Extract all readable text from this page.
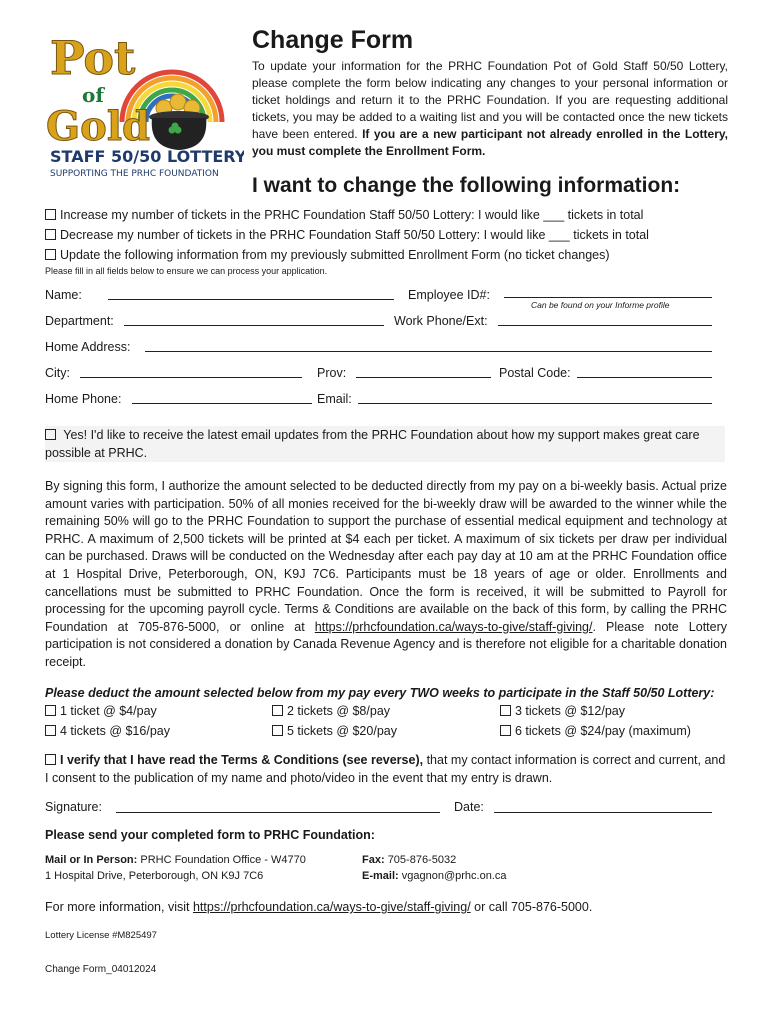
Pot
of
Gold
STAFF 50/50 LOTTERY
SUPPORTING THE PRHC FOUNDATION
Change Form
To update your information for the PRHC Foundation Pot of Gold Staff 50/50 Lottery, please complete the form below indicating any changes to your personal information or ticket holdings and return it to the PRHC Foundation. If you are requesting additional tickets, you may be added to a waiting list and you will be contacted once the new tickets have been entered. If you are a new participant not already enrolled in the Lottery, you must complete the Enrollment Form.
I want to change the following information:
Increase my number of tickets in the PRHC Foundation Staff 50/50 Lottery: I would like ___ tickets in total
Decrease my number of tickets in the PRHC Foundation Staff 50/50 Lottery: I would like ___ tickets in total
Update the following information from my previously submitted Enrollment Form (no ticket changes)
Please fill in all fields below to ensure we can process your application.
Name:	Employee ID#:
Can be found on your Informe profile
Department:	Work Phone/Ext:
Home Address:
City:	Prov:	Postal Code:
Home Phone:	Email:
Yes! I'd like to receive the latest email updates from the PRHC Foundation about how my support makes great care possible at PRHC.
By signing this form, I authorize the amount selected to be deducted directly from my pay on a bi-weekly basis. Actual prize amount varies with participation. 50% of all monies received for the bi-weekly draw will be awarded to the winner while the remaining 50% will go to the PRHC Foundation to support the purchase of essential medical equipment and technology at PRHC. A maximum of 2,500 tickets will be printed at $4 each per ticket. A maximum of six tickets per draw per individual can be purchased. Draws will be conducted on the Wednesday after each pay day at 10 am at the PRHC Foundation office at 1 Hospital Drive, Peterborough, ON, K9J 7C6. Participants must be 18 years of age or older. Enrollments and cancellations must be submitted to PRHC Foundation. Once the form is received, it will be submitted to Payroll for processing for the upcoming payroll cycle. Terms & Conditions are available on the back of this form, by calling the PRHC Foundation at 705-876-5000, or online at https://prhcfoundation.ca/ways-to-give/staff-giving/. Please note Lottery participation is not considered a donation by Canada Revenue Agency and is therefore not eligible for a charitable donation receipt.
Please deduct the amount selected below from my pay every TWO weeks to participate in the Staff 50/50 Lottery:
1 ticket @ $4/pay	2 tickets @ $8/pay	3 tickets @ $12/pay
4 tickets @ $16/pay	5 tickets @ $20/pay	6 tickets @ $24/pay (maximum)
I verify that I have read the Terms & Conditions (see reverse), that my contact information is correct and current, and I consent to the publication of my name and photo/video in the event that my entry is drawn.
Signature:	Date:
Please send your completed form to PRHC Foundation:
Mail or In Person: PRHC Foundation Office - W4770
1 Hospital Drive, Peterborough, ON K9J 7C6
Fax: 705-876-5032
E-mail: vgagnon@prhc.on.ca
For more information, visit https://prhcfoundation.ca/ways-to-give/staff-giving/ or call 705-876-5000.
Lottery License #M825497
Change Form_04012024
